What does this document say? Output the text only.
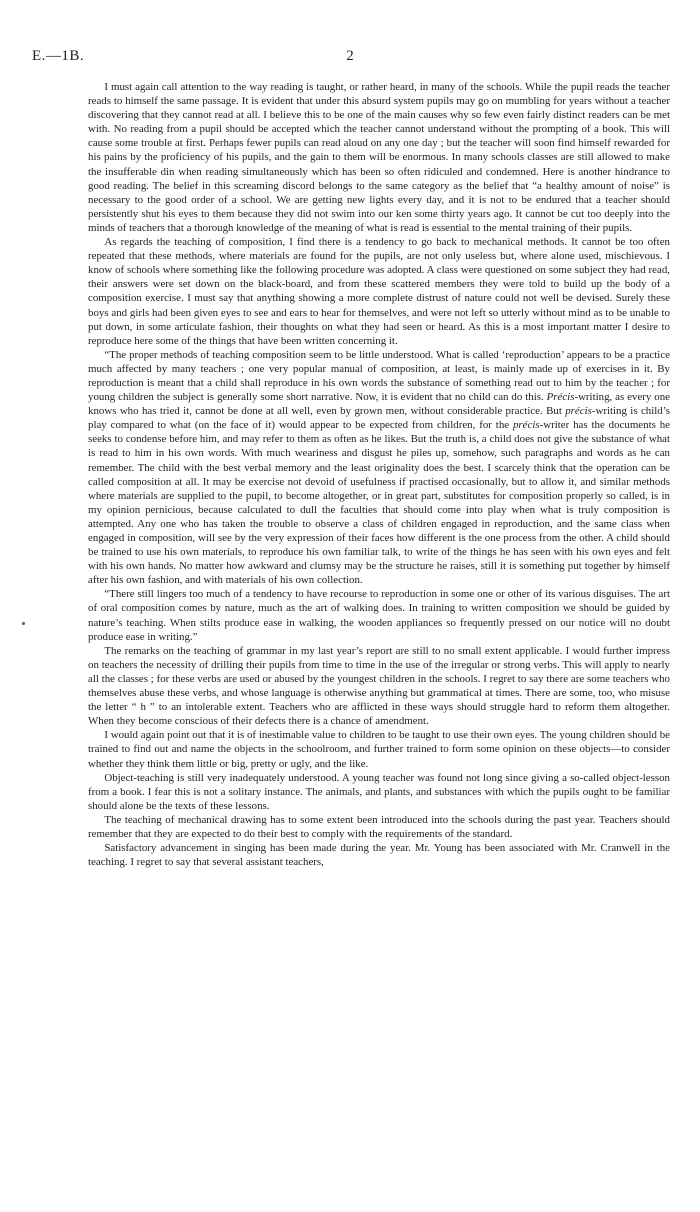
E.—1B.	2

I must again call attention to the way reading is taught, or rather heard, in many of the schools. While the pupil reads the teacher reads to himself the same passage. It is evident that under this absurd system pupils may go on mumbling for years without a teacher discovering that they cannot read at all. I believe this to be one of the main causes why so few even fairly distinct readers can be met with. No reading from a pupil should be accepted which the teacher cannot understand without the prompting of a book. This will cause some trouble at first. Perhaps fewer pupils can read aloud on any one day ; but the teacher will soon find himself rewarded for his pains by the proficiency of his pupils, and the gain to them will be enormous. In many schools classes are still allowed to make the insufferable din when reading simultaneously which has been so often ridiculed and condemned. Here is another hindrance to good reading. The belief in this screaming discord belongs to the same category as the belief that “a healthy amount of noise” is necessary to the good order of a school. We are getting new lights every day, and it is not to be endured that a teacher should persistently shut his eyes to them because they did not swim into our ken some thirty years ago. It cannot be cut too deeply into the minds of teachers that a thorough knowledge of the meaning of what is read is essential to the mental training of their pupils.

As regards the teaching of composition, I find there is a tendency to go back to mechanical methods. It cannot be too often repeated that these methods, where materials are found for the pupils, are not only useless but, where alone used, mischievous. I know of schools where something like the following procedure was adopted. A class were questioned on some subject they had read, their answers were set down on the black-board, and from these scattered members they were told to build up the body of a composition exercise. I must say that anything showing a more complete distrust of nature could not well be devised. Surely these boys and girls had been given eyes to see and ears to hear for themselves, and were not left so utterly without mind as to be unable to put down, in some articulate fashion, their thoughts on what they had seen or heard. As this is a most important matter I desire to reproduce here some of the things that have been written concerning it.

“The proper methods of teaching composition seem to be little understood. What is called ‘reproduction’ appears to be a practice much affected by many teachers ; one very popular manual of composition, at least, is mainly made up of exercises in it. By reproduction is meant that a child shall reproduce in his own words the substance of something read out to him by the teacher ; for young children the subject is generally some short narrative. Now, it is evident that no child can do this. Précis-writing, as every one knows who has tried it, cannot be done at all well, even by grown men, without considerable practice. But précis-writing is child’s play compared to what (on the face of it) would appear to be expected from children, for the précis-writer has the documents he seeks to condense before him, and may refer to them as often as he likes. But the truth is, a child does not give the substance of what is read to him in his own words. With much weariness and disgust he piles up, somehow, such paragraphs and words as he can remember. The child with the best verbal memory and the least originality does the best. I scarcely think that the operation can be called composition at all. It may be exercise not devoid of usefulness if practised occasionally, but to allow it, and similar methods where materials are supplied to the pupil, to become altogether, or in great part, substitutes for composition properly so called, is in my opinion pernicious, because calculated to dull the faculties that should come into play when what is truly composition is attempted. Any one who has taken the trouble to observe a class of children engaged in reproduction, and the same class when engaged in composition, will see by the very expression of their faces how different is the one process from the other. A child should be trained to use his own materials, to reproduce his own familiar talk, to write of the things he has seen with his own eyes and felt with his own hands. No matter how awkward and clumsy may be the structure he raises, still it is something put together by himself after his own fashion, and with materials of his own collection.

“There still lingers too much of a tendency to have recourse to reproduction in some one or other of its various disguises. The art of oral composition comes by nature, much as the art of walking does. In training to written composition we should be guided by nature’s teaching. When stilts produce ease in walking, the wooden appliances so frequently pressed on our notice will no doubt produce ease in writing.”

The remarks on the teaching of grammar in my last year’s report are still to no small extent applicable. I would further impress on teachers the necessity of drilling their pupils from time to time in the use of the irregular or strong verbs. This will apply to nearly all the classes ; for these verbs are used or abused by the youngest children in the schools. I regret to say there are some teachers who themselves abuse these verbs, and whose language is otherwise anything but grammatical at times. There are some, too, who misuse the letter “ h ” to an intolerable extent. Teachers who are afflicted in these ways should struggle hard to reform them altogether. When they become conscious of their defects there is a chance of amendment.

I would again point out that it is of inestimable value to children to be taught to use their own eyes. The young children should be trained to find out and name the objects in the schoolroom, and further trained to form some opinion on these objects—to consider whether they think them little or big, pretty or ugly, and the like.

Object-teaching is still very inadequately understood. A young teacher was found not long since giving a so-called object-lesson from a book. I fear this is not a solitary instance. The animals, and plants, and substances with which the pupils ought to be familiar should alone be the texts of these lessons.

The teaching of mechanical drawing has to some extent been introduced into the schools during the past year. Teachers should remember that they are expected to do their best to comply with the requirements of the standard.

Satisfactory advancement in singing has been made during the year. Mr. Young has been associated with Mr. Cranwell in the teaching. I regret to say that several assistant teachers,
